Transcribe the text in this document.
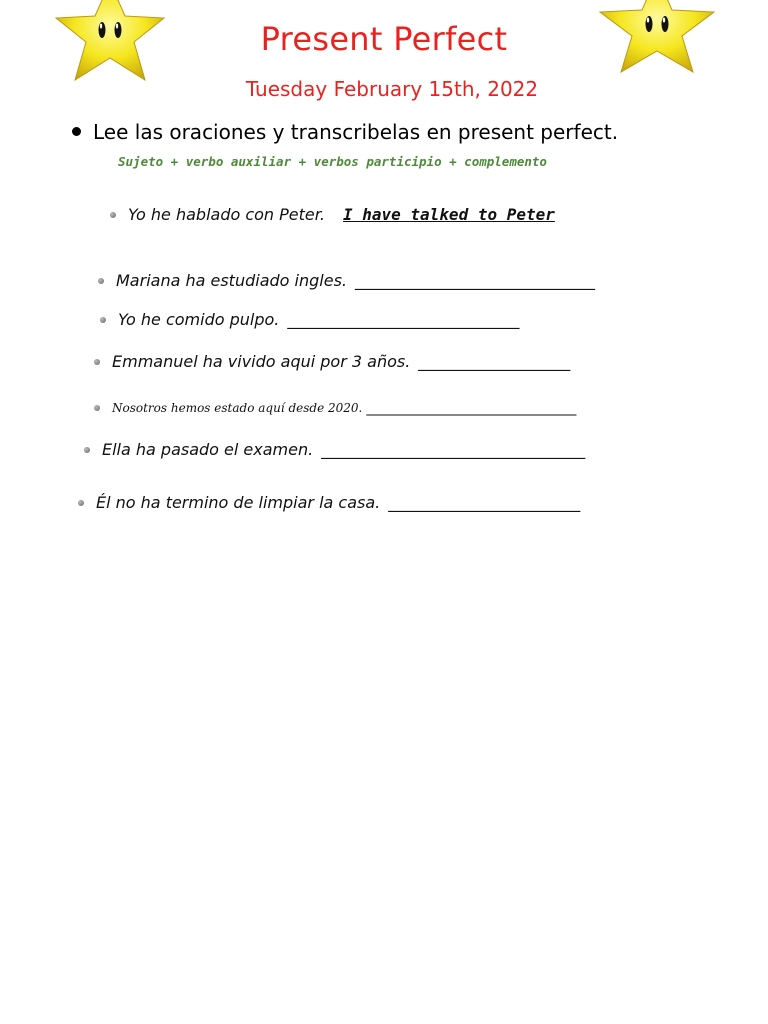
Present Perfect
Tuesday February 15th, 2022
Lee las oraciones y transcribelas en present perfect.
Sujeto + verbo auxiliar + verbos participio + complemento
Yo he hablado con Peter. I have talked to Peter
Mariana ha estudiado ingles. ______________________________
Yo he comido pulpo. _____________________________
Emmanuel ha vivido aqui por 3 años. ___________________
Nosotros hemos estado aquí desde 2020. ______________________________
Ella ha pasado el examen. _________________________________
Él no ha termino de limpiar la casa. ________________________
